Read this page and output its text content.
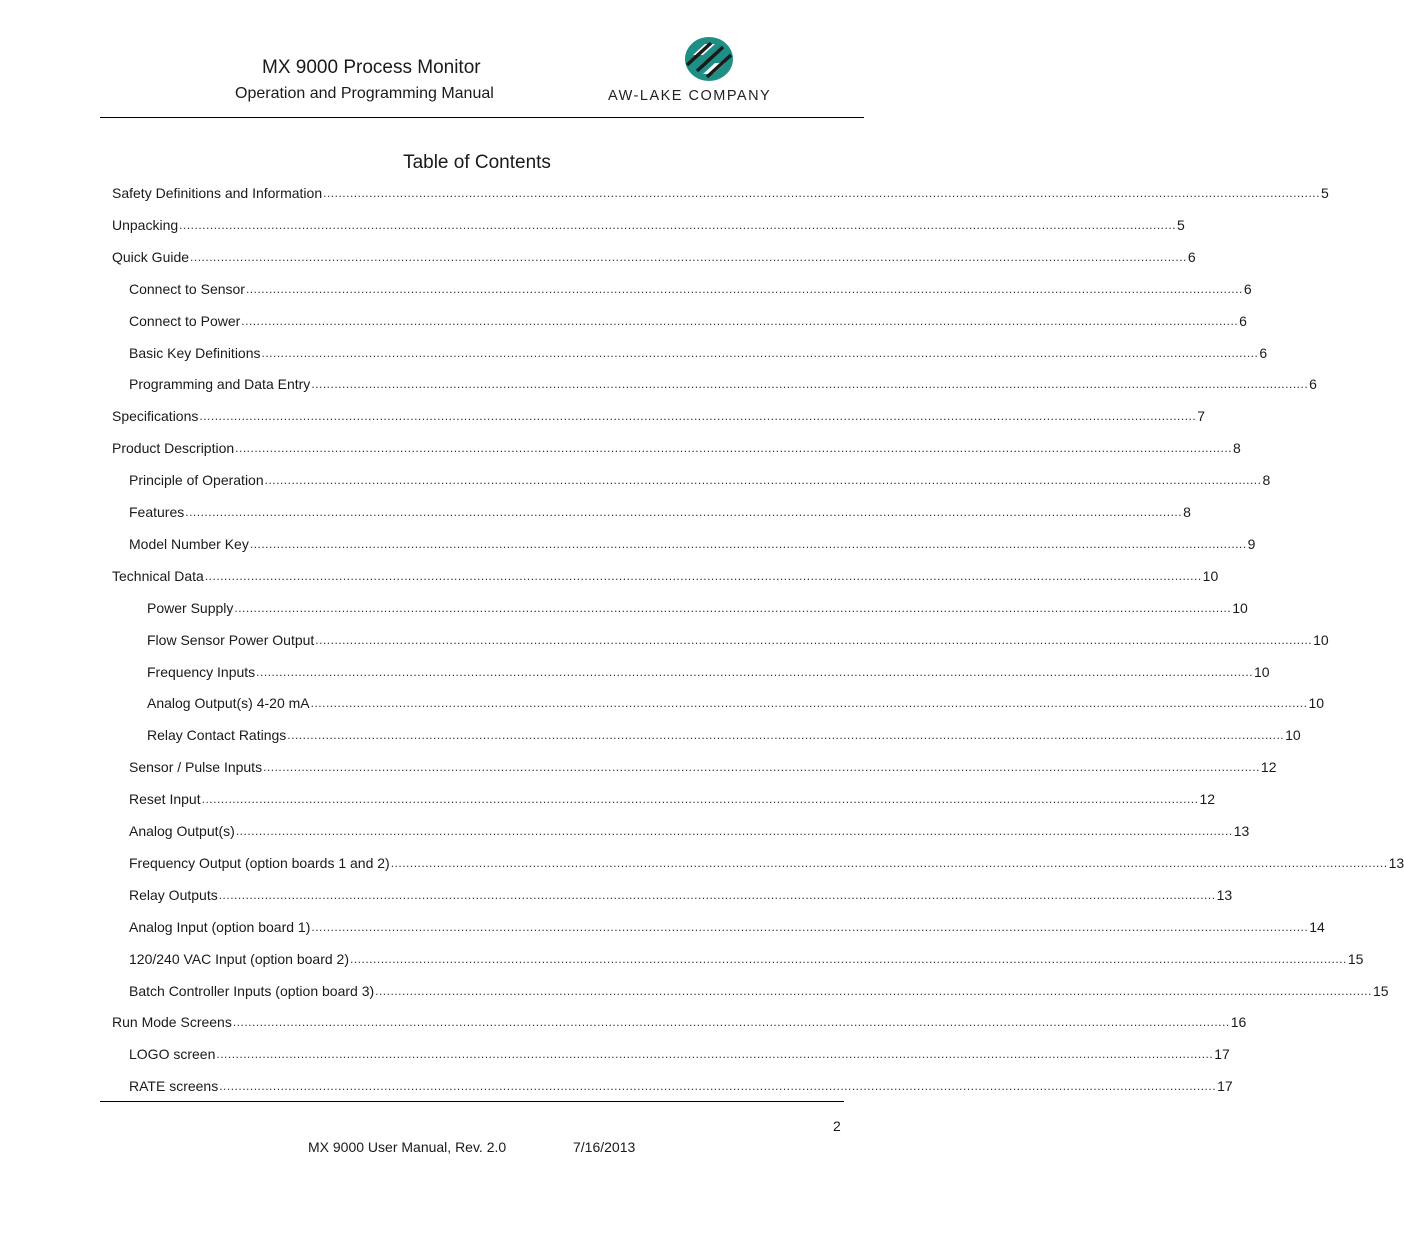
MX 9000 Process Monitor
Operation and Programming Manual	AW-LAKE COMPANY
Table of Contents
Safety Definitions and Information .................................................................................................................................................................................................................................................................... 5
Unpacking .................................................................................................................................................................................................................................................................... 5
Quick Guide .................................................................................................................................................................................................................................................................... 6
Connect to Sensor .................................................................................................................................................................................................................................................................... 6
Connect to Power .................................................................................................................................................................................................................................................................... 6
Basic Key Definitions .................................................................................................................................................................................................................................................................... 6
Programming and Data Entry .................................................................................................................................................................................................................................................................... 6
Specifications .................................................................................................................................................................................................................................................................... 7
Product Description .................................................................................................................................................................................................................................................................... 8
Principle of Operation .................................................................................................................................................................................................................................................................... 8
Features .................................................................................................................................................................................................................................................................... 8
Model Number Key .................................................................................................................................................................................................................................................................... 9
Technical Data .................................................................................................................................................................................................................................................................... 10
Power Supply .................................................................................................................................................................................................................................................................... 10
Flow Sensor Power Output .................................................................................................................................................................................................................................................................... 10
Frequency Inputs .................................................................................................................................................................................................................................................................... 10
Analog Output(s) 4-20 mA .................................................................................................................................................................................................................................................................... 10
Relay Contact Ratings .................................................................................................................................................................................................................................................................... 10
Sensor / Pulse Inputs .................................................................................................................................................................................................................................................................... 12
Reset Input .................................................................................................................................................................................................................................................................... 12
Analog Output(s) .................................................................................................................................................................................................................................................................... 13
Frequency Output (option boards 1 and 2) .................................................................................................................................................................................................................................................................... 13
Relay Outputs .................................................................................................................................................................................................................................................................... 13
Analog Input (option board 1) .................................................................................................................................................................................................................................................................... 14
120/240 VAC Input (option board 2) .................................................................................................................................................................................................................................................................... 15
Batch Controller Inputs (option board 3) .................................................................................................................................................................................................................................................................... 15
Run Mode Screens .................................................................................................................................................................................................................................................................... 16
LOGO screen .................................................................................................................................................................................................................................................................... 17
RATE screens .................................................................................................................................................................................................................................................................... 17
2
MX 9000 User Manual, Rev. 2.0	7/16/2013
